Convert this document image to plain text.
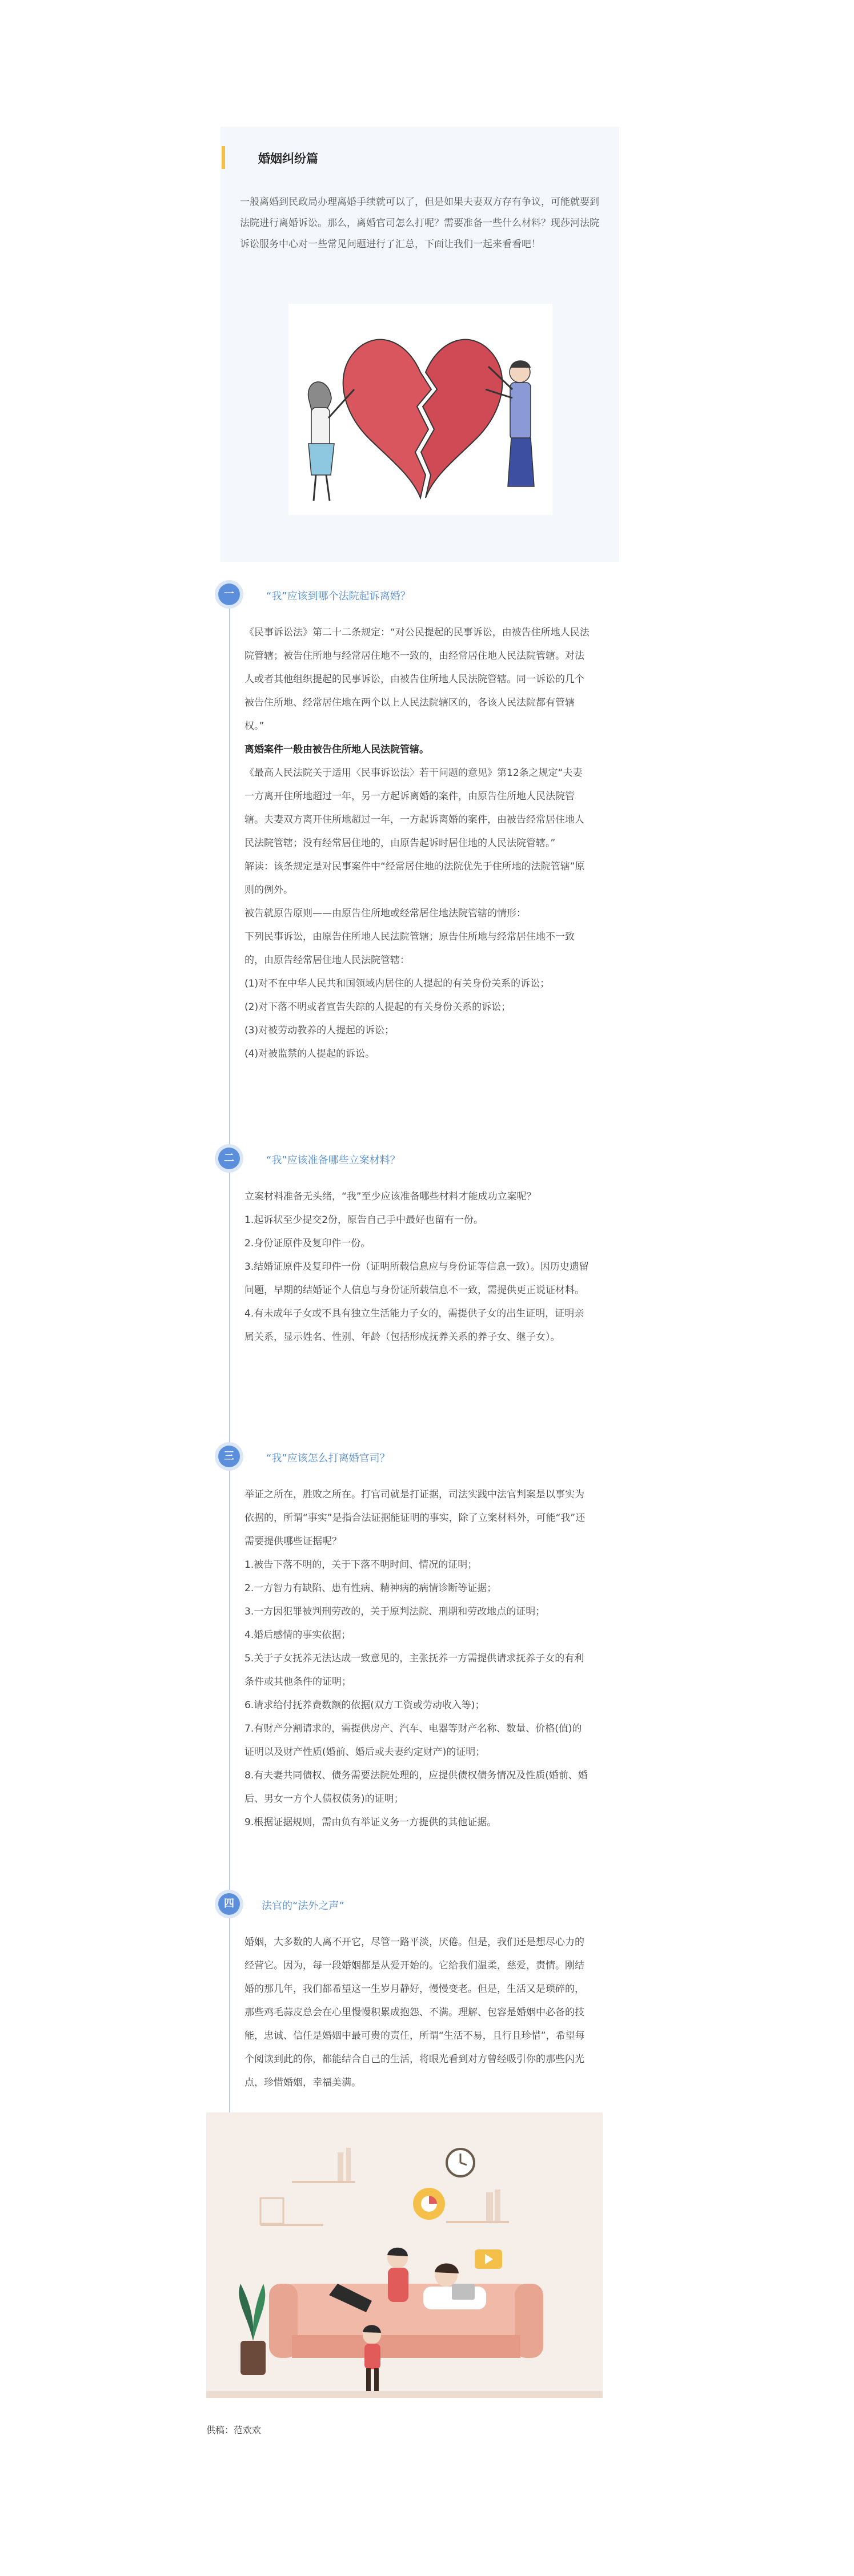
婚姻纠纷篇
一般离婚到民政局办理离婚手续就可以了，但是如果夫妻双方存有争议，可能就要到法院进行离婚诉讼。那么，离婚官司怎么打呢？需要准备一些什么材料？现莎河法院诉讼服务中心对一些常见问题进行了汇总，下面让我们一起来看看吧！
一	“我”应该到哪个法院起诉离婚？

《民事诉讼法》第二十二条规定：“对公民提起的民事诉讼，由被告住所地人民法院管辖；被告住所地与经常居住地不一致的，由经常居住地人民法院管辖。对法人或者其他组织提起的民事诉讼，由被告住所地人民法院管辖。同一诉讼的几个被告住所地、经常居住地在两个以上人民法院辖区的，各该人民法院都有管辖权。”

离婚案件一般由被告住所地人民法院管辖。

《最高人民法院关于适用〈民事诉讼法〉若干问题的意见》第12条之规定“夫妻一方离开住所地超过一年，另一方起诉离婚的案件，由原告住所地人民法院管辖。夫妻双方离开住所地超过一年，一方起诉离婚的案件，由被告经常居住地人民法院管辖；没有经常居住地的，由原告起诉时居住地的人民法院管辖。”

解读：该条规定是对民事案件中“经常居住地的法院优先于住所地的法院管辖”原则的例外。

被告就原告原则——由原告住所地或经常居住地法院管辖的情形：

下列民事诉讼，由原告住所地人民法院管辖；原告住所地与经常居住地不一致的，由原告经常居住地人民法院管辖：

(1)对不在中华人民共和国领域内居住的人提起的有关身份关系的诉讼；

(2)对下落不明或者宣告失踪的人提起的有关身份关系的诉讼；

(3)对被劳动教养的人提起的诉讼；

(4)对被监禁的人提起的诉讼。

二	“我”应该准备哪些立案材料？

立案材料准备无头绪，“我”至少应该准备哪些材料才能成功立案呢？

1.起诉状至少提交2份，原告自己手中最好也留有一份。

2.身份证原件及复印件一份。

3.结婚证原件及复印件一份（证明所载信息应与身份证等信息一致）。因历史遗留问题，早期的结婚证个人信息与身份证所载信息不一致，需提供更正说证材料。

4.有未成年子女或不具有独立生活能力子女的，需提供子女的出生证明，证明亲属关系，显示姓名、性别、年龄（包括形成抚养关系的养子女、继子女）。

三	“我”应该怎么打离婚官司？

举证之所在，胜败之所在。打官司就是打证据，司法实践中法官判案是以事实为依据的，所谓“事实”是指合法证据能证明的事实，除了立案材料外，可能“我”还需要提供哪些证据呢？

1.被告下落不明的，关于下落不明时间、情况的证明；

2.一方智力有缺陷、患有性病、精神病的病情诊断等证据；

3.一方因犯罪被判刑劳改的，关于原判法院、刑期和劳改地点的证明；

4.婚后感情的事实依据；

5.关于子女抚养无法达成一致意见的，主张抚养一方需提供请求抚养子女的有利条件或其他条件的证明；

6.请求给付抚养费数额的依据(双方工资或劳动收入等)；

7.有财产分割请求的，需提供房产、汽车、电器等财产名称、数量、价格(值)的证明以及财产性质(婚前、婚后或夫妻约定财产)的证明；

8.有夫妻共同债权、债务需要法院处理的，应提供债权债务情况及性质(婚前、婚后、男女一方个人债权债务)的证明；

9.根据证据规则，需由负有举证义务一方提供的其他证据。

四	法官的“法外之声”

婚姻，大多数的人离不开它，尽管一路平淡，厌倦。但是，我们还是想尽心力的经营它。因为，每一段婚姻都是从爱开始的。它给我们温柔，慈爱，责情。刚结婚的那几年，我们都希望这一生岁月静好，慢慢变老。但是，生活又是琐碎的，那些鸡毛蒜皮总会在心里慢慢积累成抱怨、不满。理解、包容是婚姻中必备的技能，忠诚、信任是婚姻中最可贵的责任，所谓“生活不易，且行且珍惜”，希望每个阅读到此的你，都能结合自己的生活，将眼光看到对方曾经吸引你的那些闪光点，珍惜婚姻，幸福美满。

供稿：范欢欢
